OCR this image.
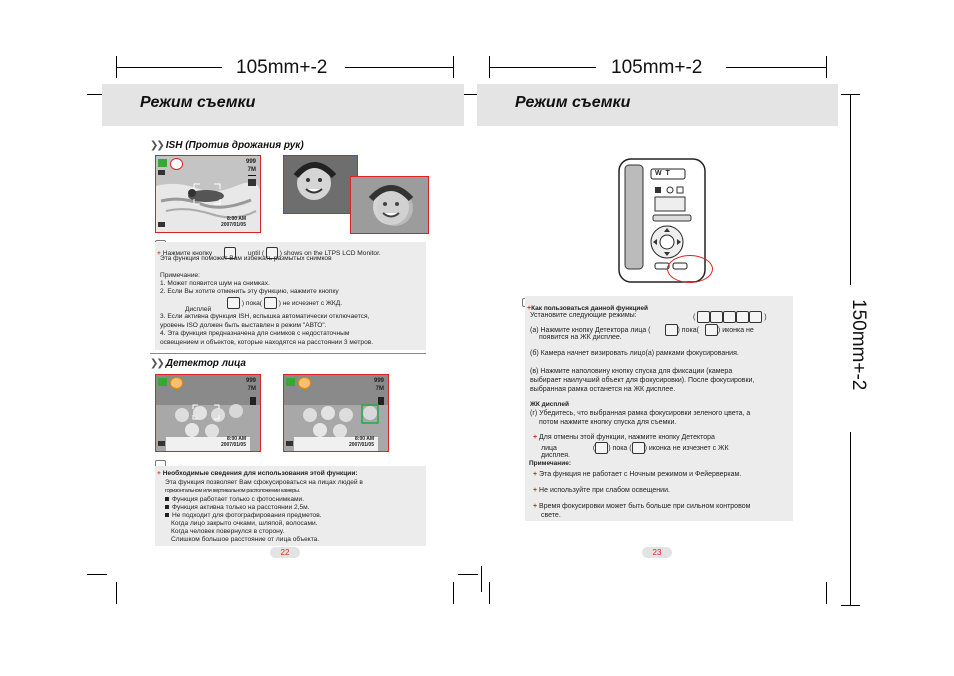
105mm+-2	105mm+-2
150mm+-2
Режим съемки
❯❯ ISH (Против дрожания рук)
999
7M
8:00 AM
2007/01/05

+ Нажмите кнопку	until ( ) shows on the LTPS LCD Monitor.

Эта функция поможет Вам избежать размытых снимков

Примечание:

1. Может появится шум на снимках.

2. Если Вы хотите отменить эту функцию, нажмите кнопку

) пока(	) не исчезнет с ЖКД.

Дисплей

3. Если активна функция ISH, вспышка автоматически отключается,

уровень ISO должен быть выставлен в режим "АВТО".

4. Эта функция предназначена для снимков с недостаточным

освещением и объектов, которые находятся на расстоянии 3 метров.

❯❯ Детектор лица
999
7M
8:00 AM
2007/01/05
999
7M
8:00 AM
2007/01/05

+ Необходимые сведения для использования этой функции:

Эта функция позволяет Вам сфокусироваться на лицах людей в

горизонтальном или вертикальном расположении камеры.

Функция работает только с фотоснимками.

Функция активна только на расстоянии 2,5м.

Не подходит для фотографирования предметов.

Когда лицо закрыто очками, шляпой, волосами.

Когда человек повернулся в сторону.

Слишком большое расстояние от лица объекта.

22
Режим съемки
W T

+Как пользоваться данной функцией

Установите следующие режимы:	(	)

(а) Нажмите кнопку Детектора лица (	) пока(	) иконка не

появится на ЖК дисплее.

(б) Камера начнет визировать лицо(а) рамками фокусирования.

(в) Нажмите наполовину кнопку спуска для фиксации (камера

выбирает наилучший объект для фокусировки). После фокусировки,

выбранная рамка останется на ЖК дисплее.

ЖК дисплей

(г) Убедитесь, что выбранная рамка фокусировки зеленого цвета, а

потом нажмите кнопку спуска для съемки.

+ Для отмены этой функции, нажмите кнопку Детектора

лица	( ) пока ( ) иконка не изчезнет с ЖК

дисплея.

Примечание:

+ Эта функция не работает с Ночным режимом и Фейерверкам.

+ Не используйте при слабом освещении.

+ Время фокусировки может быть больше при сильном контровом

свете.

23
